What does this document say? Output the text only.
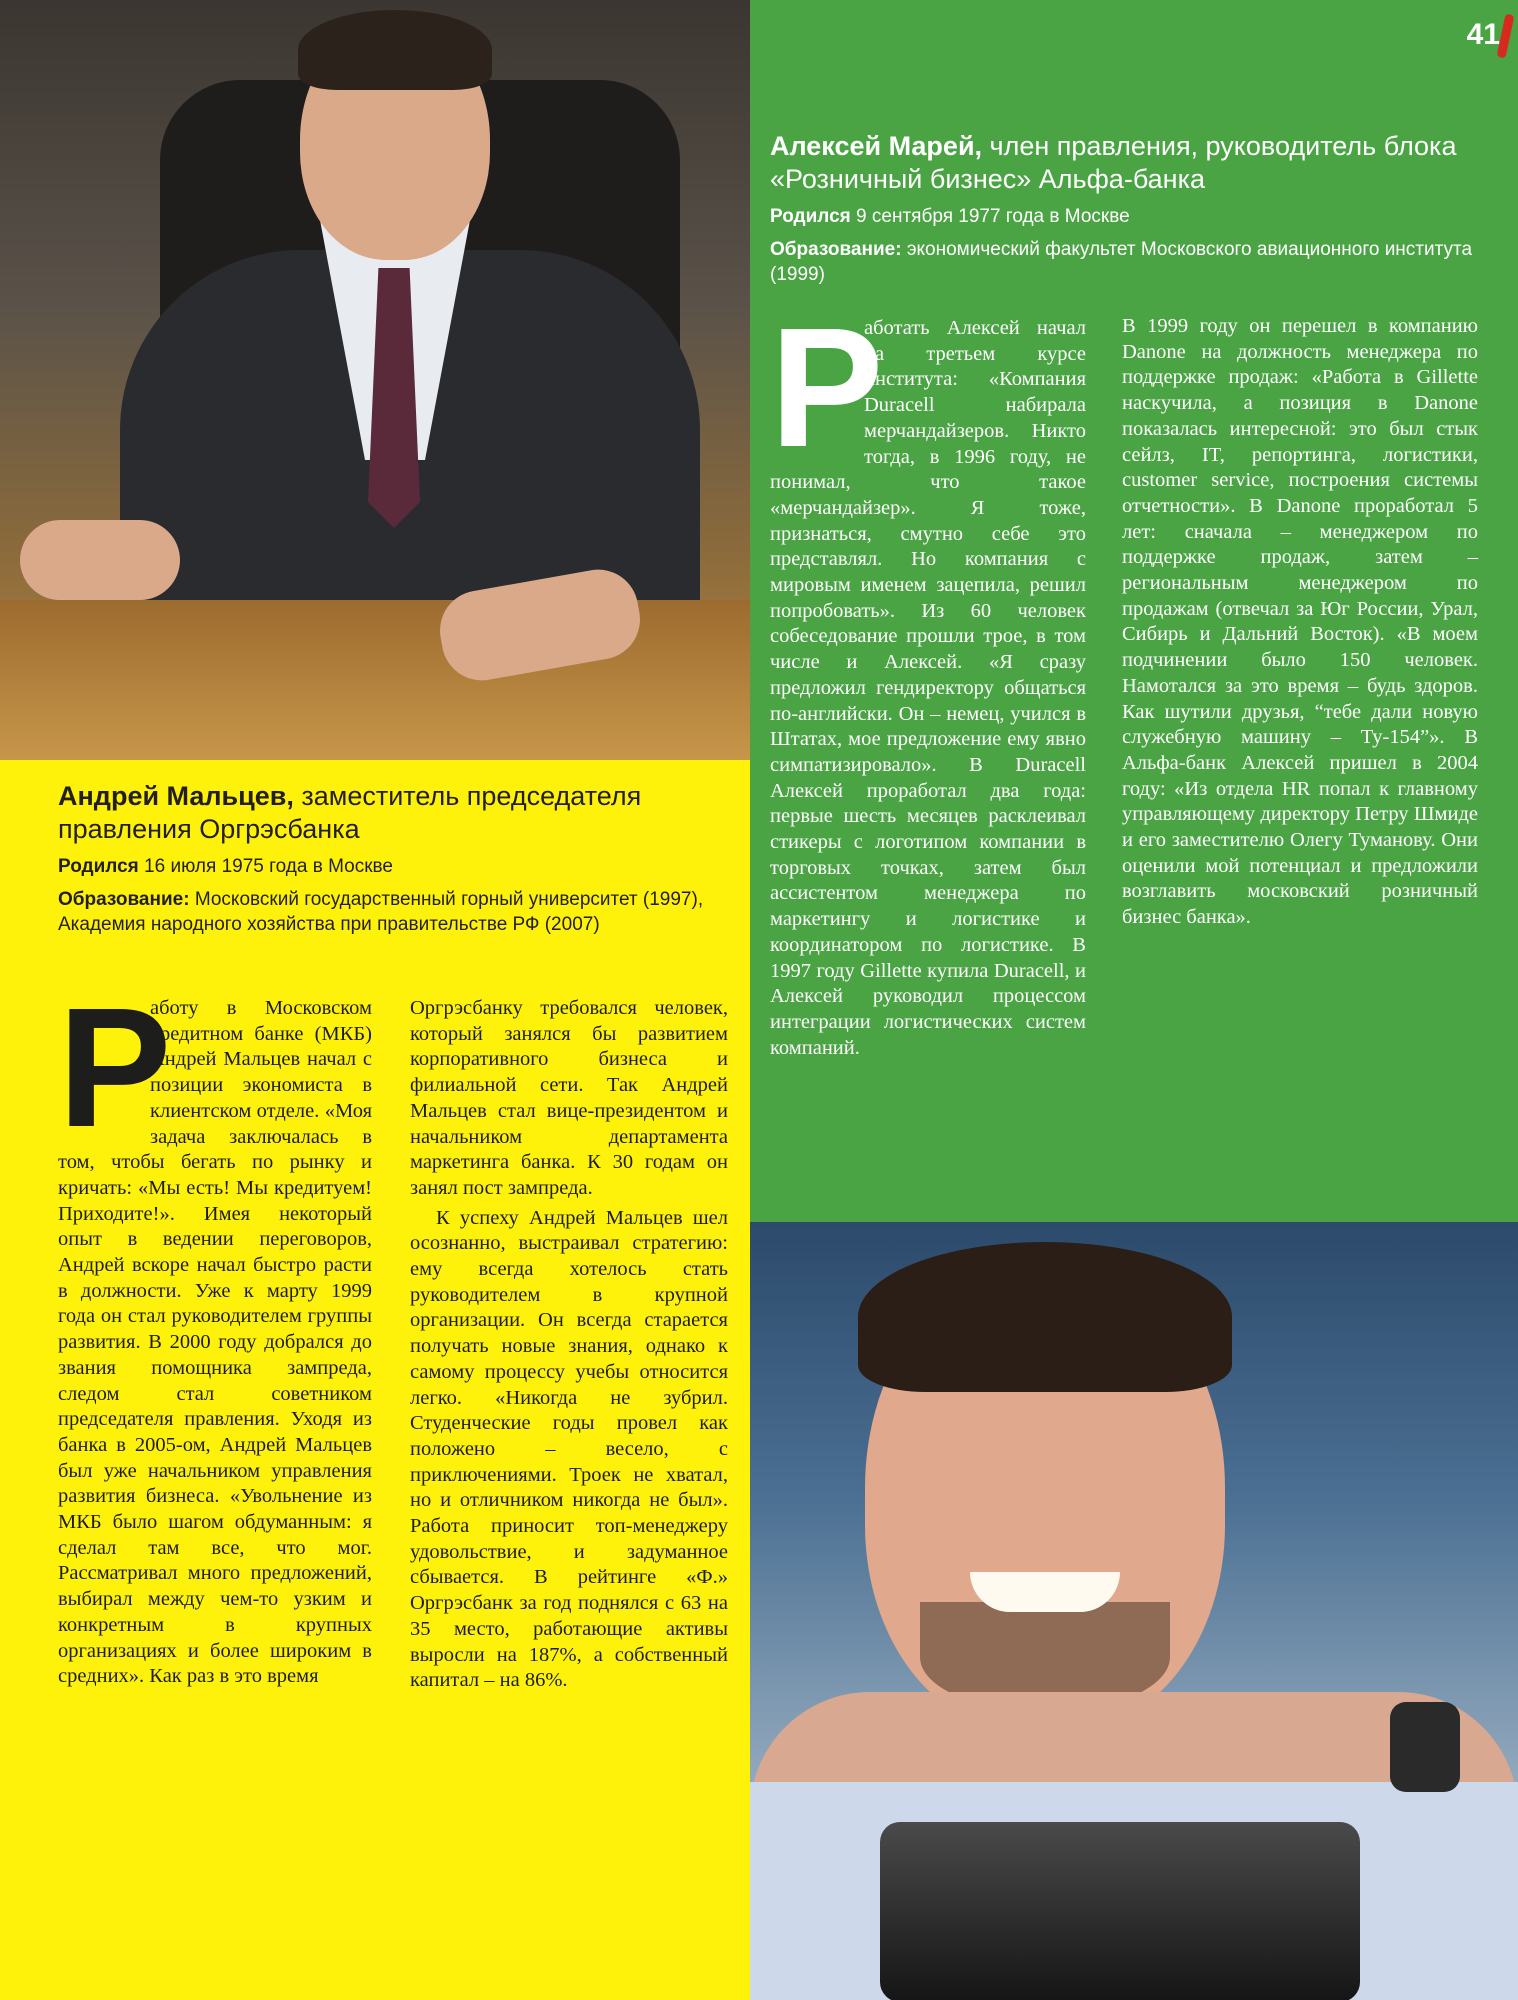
41
Алексей Марей, член правления, руководитель блока «Розничный бизнес» Альфа-банка
Родился 9 сентября 1977 года в Москве
Образование: экономический факультет Московского авиационного института (1999)

Р
аботать Алексей начал на третьем курсе института: «Компания Duracell набирала мерчандайзеров. Никто тогда, в 1996 году, не понимал, что такое «мерчандайзер». Я тоже, признаться, смутно себе это представлял. Но компания с мировым именем зацепила, решил попробовать». Из 60 человек собеседование прошли трое, в том числе и Алексей. «Я сразу предложил гендиректору общаться по-английски. Он – немец, учился в Штатах, мое предложение ему явно симпатизировало». В Duracell Алексей проработал два года: первые шесть месяцев расклеивал стикеры с логотипом компании в торговых точках, затем был ассистентом менеджера по маркетингу и логистике и координатором по логистике. В 1997 году Gillette купила Duracell, и Алексей руководил процессом интеграции логистических систем компаний.

В 1999 году он перешел в компанию Danone на должность менеджера по поддержке продаж: «Работа в Gillette наскучила, а позиция в Danone показалась интересной: это был стык сейлз, IT, репортинга, логистики, customer service, построения системы отчетности». В Danone проработал 5 лет: сначала – менеджером по поддержке продаж, затем – региональным менеджером по продажам (отвечал за Юг России, Урал, Сибирь и Дальний Восток). «В моем подчинении было 150 человек. Намотался за это время – будь здоров. Как шутили друзья, “тебе дали новую служебную машину – Ту-154”». В Альфа-банк Алексей пришел в 2004 году: «Из отдела HR попал к главному управляющему директору Петру Шмиде и его заместителю Олегу Туманову. Они оценили мой потенциал и предложили возглавить московский розничный бизнес банка».

Андрей Мальцев, заместитель председателя правления Оргрэсбанка
Родился 16 июля 1975 года в Москве
Образование: Московский государственный горный университет (1997), Академия народного хозяйства при правительстве РФ (2007)

Р
аботу в Московском кредитном банке (МКБ) Андрей Мальцев начал с позиции экономиста в клиентском отделе. «Моя задача заключалась в том, чтобы бегать по рынку и кричать: «Мы есть! Мы кредитуем! Приходите!». Имея некоторый опыт в ведении переговоров, Андрей вскоре начал быстро расти в должности. Уже к марту 1999 года он стал руководителем группы развития. В 2000 году добрался до звания помощника зампреда, следом стал советником председателя правления. Уходя из банка в 2005-ом, Андрей Мальцев был уже начальником управления развития бизнеса. «Увольнение из МКБ было шагом обдуманным: я сделал там все, что мог. Рассматривал много предложений, выбирал между чем-то узким и конкретным в крупных организациях и более широким в средних». Как раз в это время

Оргрэсбанку требовался человек, который занялся бы развитием корпоративного бизнеса и филиальной сети. Так Андрей Мальцев стал вице-президентом и начальником департамента маркетинга банка. К 30 годам он занял пост зампреда.

К успеху Андрей Мальцев шел осознанно, выстраивал стратегию: ему всегда хотелось стать руководителем в крупной организации. Он всегда старается получать новые знания, однако к самому процессу учебы относится легко. «Никогда не зубрил. Студенческие годы провел как положено – весело, с приключениями. Троек не хватал, но и отличником никогда не был». Работа приносит топ-менеджеру удовольствие, и задуманное сбывается. В рейтинге «Ф.» Оргрэсбанк за год поднялся с 63 на 35 место, работающие активы выросли на 187%, а собственный капитал – на 86%.
